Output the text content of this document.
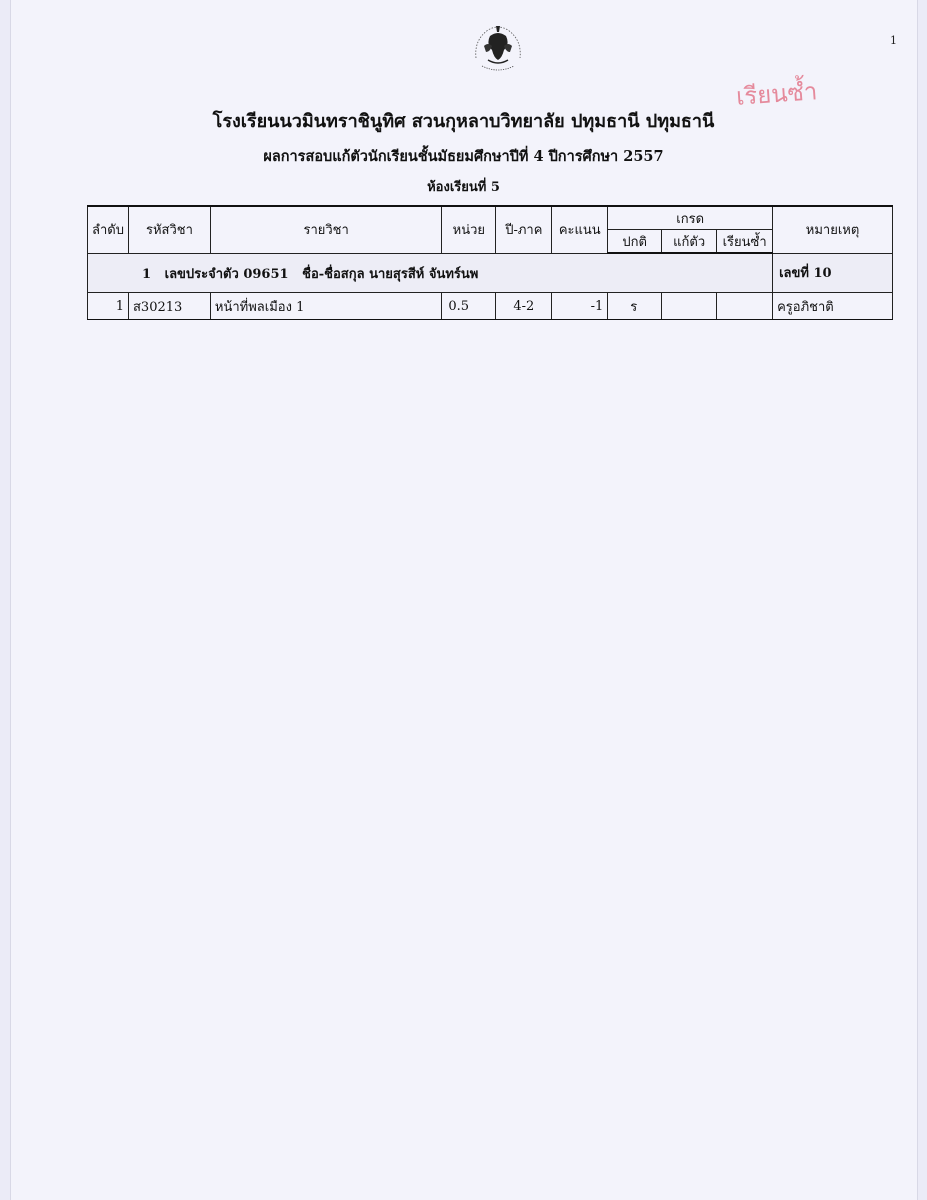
1
เรียนซ้ำ
โรงเรียนนวมินทราชินูทิศ สวนกุหลาบวิทยาลัย ปทุมธานี ปทุมธานี
ผลการสอบแก้ตัวนักเรียนชั้นมัธยมศึกษาปีที่ 4 ปีการศึกษา 2557
ห้องเรียนที่ 5
ลำดับ	รหัสวิชา	รายวิชา	หน่วย	ปี-ภาค	คะแนน	เกรด			หมายเหตุ
						ปกติ	แก้ตัว	เรียนซ้ำ	
1 เลขประจำตัว 09651 ชื่อ-ชื่อสกุล นายสุรสีห์ จันทร์นพ									เลขที่ 10
1	ส30213	หน้าที่พลเมือง 1	0.5	4-2	-1	ร			ครูอภิชาติ
